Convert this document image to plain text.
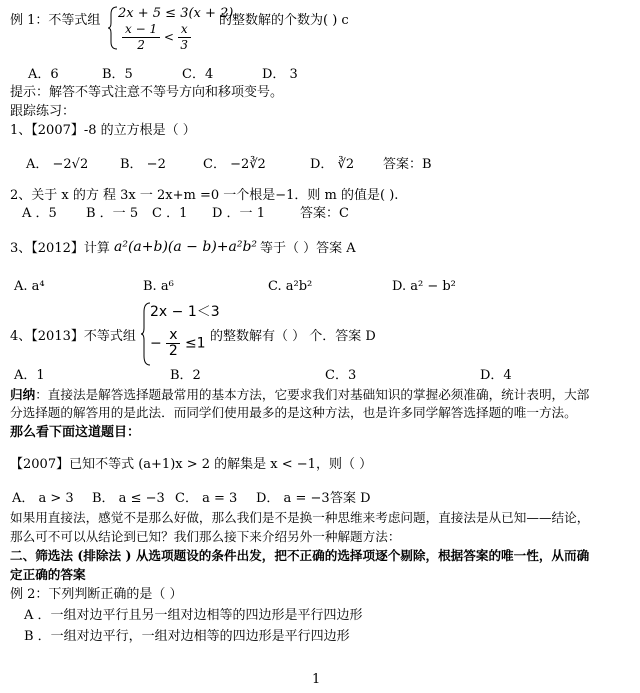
例 1：不等式组 2x + 5 ≤ 3(x + 2)
$\frac{x - 1}{2} < \frac{x}{3}$
的整数解的个数为( ) c
A．6	B．5	C．4	D． 3
提示：解答不等式注意不等号方向和移项变号。
跟踪练习：
1、【2007】-8 的立方根是（ ）
A． −2√2 B． −2	C． −2∛2	D． ∛2 答案：B
2、关于 x 的方 程 3x 一 2x+m =0 一个根是−1．则 m 的值是( ).
A ．5 B ．一 5 C ．1 D ．一 1	答案：C
3、【2012】计算 a²(a+b)(a − b)+a²b² 等于（ ）答案 A
A. a⁴	B. a⁶	C. a²b²	D. a² − b²
4、【2013】不等式组
2x − 1＜3
− $\frac{x}{2} \le 1$ 的整数解有（ ） 个．答案 D
A．1	B．2	C．3	D．4
归纳：直接法是解答选择题最常用的基本方法，它要求我们对基础知识的掌握必须准确，统计表明，大部
分选择题的解答用的是此法．而同学们使用最多的是这种方法，也是许多同学解答选择题的唯一方法。
那么看下面这道题目：
【2007】已知不等式 (a+1)x > 2 的解集是 x < −1，则（ ）
A． a > 3 B． a ≤ −3 C． a = 3 D． a = −3 答案 D
如果用直接法，感觉不是那么好做，那么我们是不是换一种思维来考虑问题，直接法是从已知——结论，
那么可不可以从结论到已知？我们那么接下来介绍另外一种解题方法：
二、筛选法 (排除法 ) 从选项题设的条件出发，把不正确的选择项逐个剔除，根据答案的唯一性，从而确
定正确的答案
例 2：下列判断正确的是（ ）
A ．一组对边平行且另一组对边相等的四边形是平行四边形
B ．一组对边平行，一组对边相等的四边形是平行四边形
1
